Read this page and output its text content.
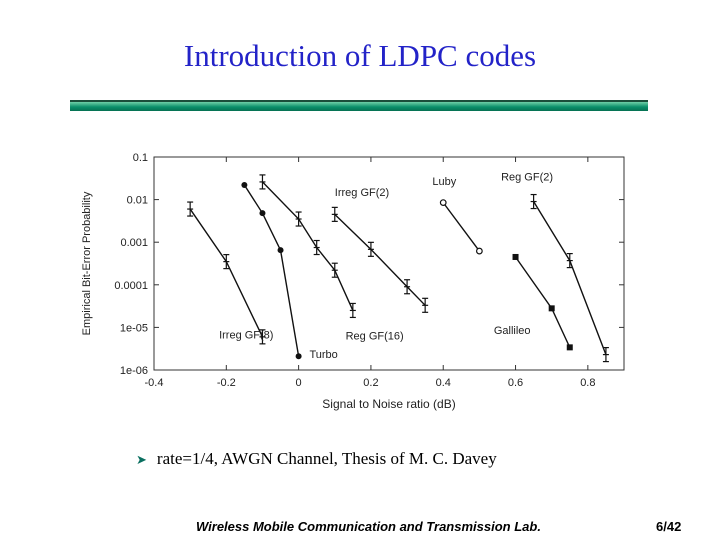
Introduction of LDPC codes
-0.4	-0.2	0	0.2	0.4	0.6	0.8
0.1
0.01
0.001
0.0001
1e-05
1e-06
Signal to Noise ratio (dB)
Empirical Bit-Error Probability
Irreg GF(8)
Turbo
Reg GF(16)
Irreg GF(2)
Luby	Reg GF(2)
Gallileo
➤ rate=1/4, AWGN Channel, Thesis of M. C. Davey
Wireless Mobile Communication and Transmission Lab.	6/42
